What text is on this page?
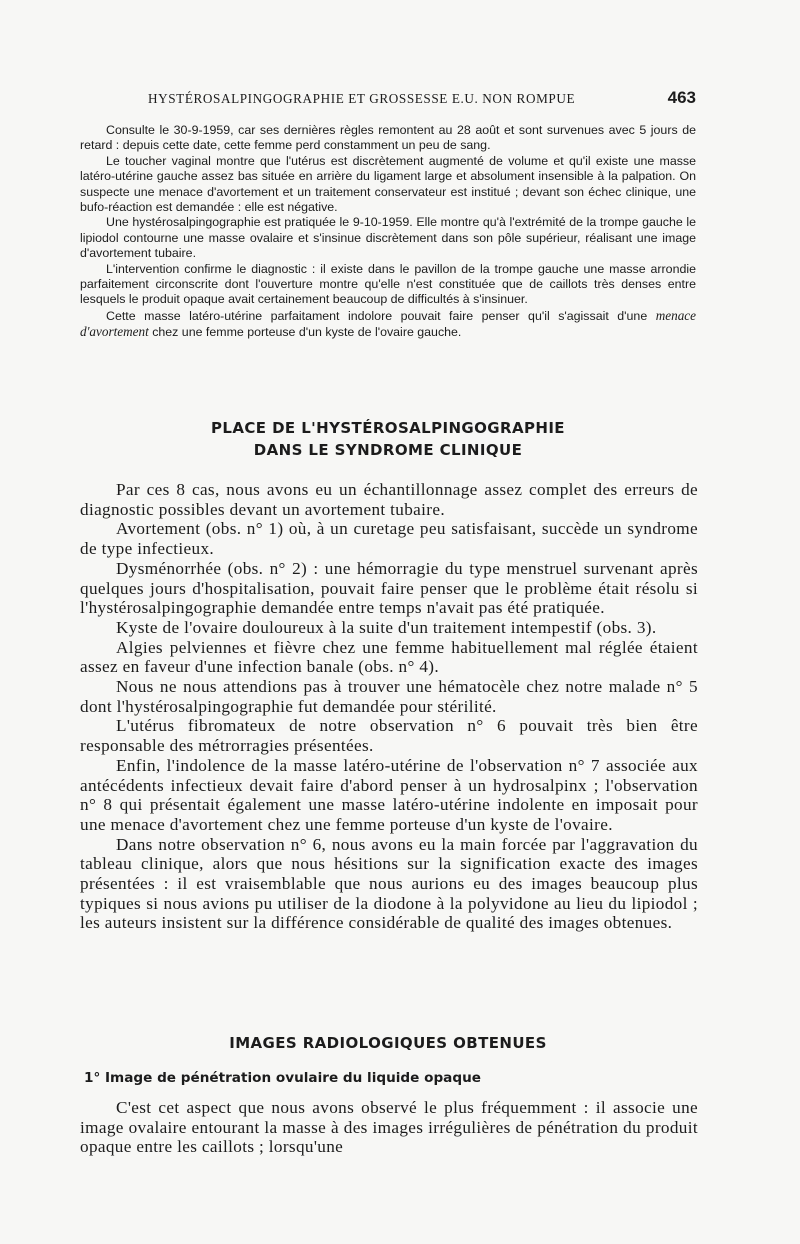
HYSTÉROSALPINGOGRAPHIE ET GROSSESSE E.U. NON ROMPUE	463

Consulte le 30-9-1959, car ses dernières règles remontent au 28 août et sont survenues avec 5 jours de retard : depuis cette date, cette femme perd constamment un peu de sang.

Le toucher vaginal montre que l'utérus est discrètement augmenté de volume et qu'il existe une masse latéro-utérine gauche assez bas située en arrière du ligament large et absolument insensible à la palpation. On suspecte une menace d'avortement et un traitement conservateur est institué ; devant son échec clinique, une bufo-réaction est demandée : elle est négative.

Une hystérosalpingographie est pratiquée le 9-10-1959. Elle montre qu'à l'extrémité de la trompe gauche le lipiodol contourne une masse ovalaire et s'insinue discrètement dans son pôle supérieur, réalisant une image d'avortement tubaire.

L'intervention confirme le diagnostic : il existe dans le pavillon de la trompe gauche une masse arrondie parfaitement circonscrite dont l'ouverture montre qu'elle n'est constituée que de caillots très denses entre lesquels le produit opaque avait certainement beaucoup de difficultés à s'insinuer.

Cette masse latéro-utérine parfaitament indolore pouvait faire penser qu'il s'agissait d'une menace d'avortement chez une femme porteuse d'un kyste de l'ovaire gauche.

PLACE DE L'HYSTÉROSALPINGOGRAPHIE
DANS LE SYNDROME CLINIQUE

Par ces 8 cas, nous avons eu un échantillonnage assez complet des erreurs de diagnostic possibles devant un avortement tubaire.

Avortement (obs. n° 1) où, à un curetage peu satisfaisant, succède un syndrome de type infectieux.

Dysménorrhée (obs. n° 2) : une hémorragie du type menstruel survenant après quelques jours d'hospitalisation, pouvait faire penser que le problème était résolu si l'hystérosalpingographie demandée entre temps n'avait pas été pratiquée.

Kyste de l'ovaire douloureux à la suite d'un traitement intempestif (obs. 3).

Algies pelviennes et fièvre chez une femme habituellement mal réglée étaient assez en faveur d'une infection banale (obs. n° 4).

Nous ne nous attendions pas à trouver une hématocèle chez notre malade n° 5 dont l'hystérosalpingographie fut demandée pour stérilité.

L'utérus fibromateux de notre observation n° 6 pouvait très bien être responsable des métrorragies présentées.

Enfin, l'indolence de la masse latéro-utérine de l'observation n° 7 associée aux antécédents infectieux devait faire d'abord penser à un hydrosalpinx ; l'observation n° 8 qui présentait également une masse latéro-utérine indolente en imposait pour une menace d'avortement chez une femme porteuse d'un kyste de l'ovaire.

Dans notre observation n° 6, nous avons eu la main forcée par l'aggravation du tableau clinique, alors que nous hésitions sur la signification exacte des images présentées : il est vraisemblable que nous aurions eu des images beaucoup plus typiques si nous avions pu utiliser de la diodone à la polyvidone au lieu du lipiodol ; les auteurs insistent sur la différence considérable de qualité des images obtenues.

IMAGES RADIOLOGIQUES OBTENUES
1° Image de pénétration ovulaire du liquide opaque

C'est cet aspect que nous avons observé le plus fréquemment : il associe une image ovalaire entourant la masse à des images irrégulières de pénétration du produit opaque entre les caillots ; lorsqu'une
